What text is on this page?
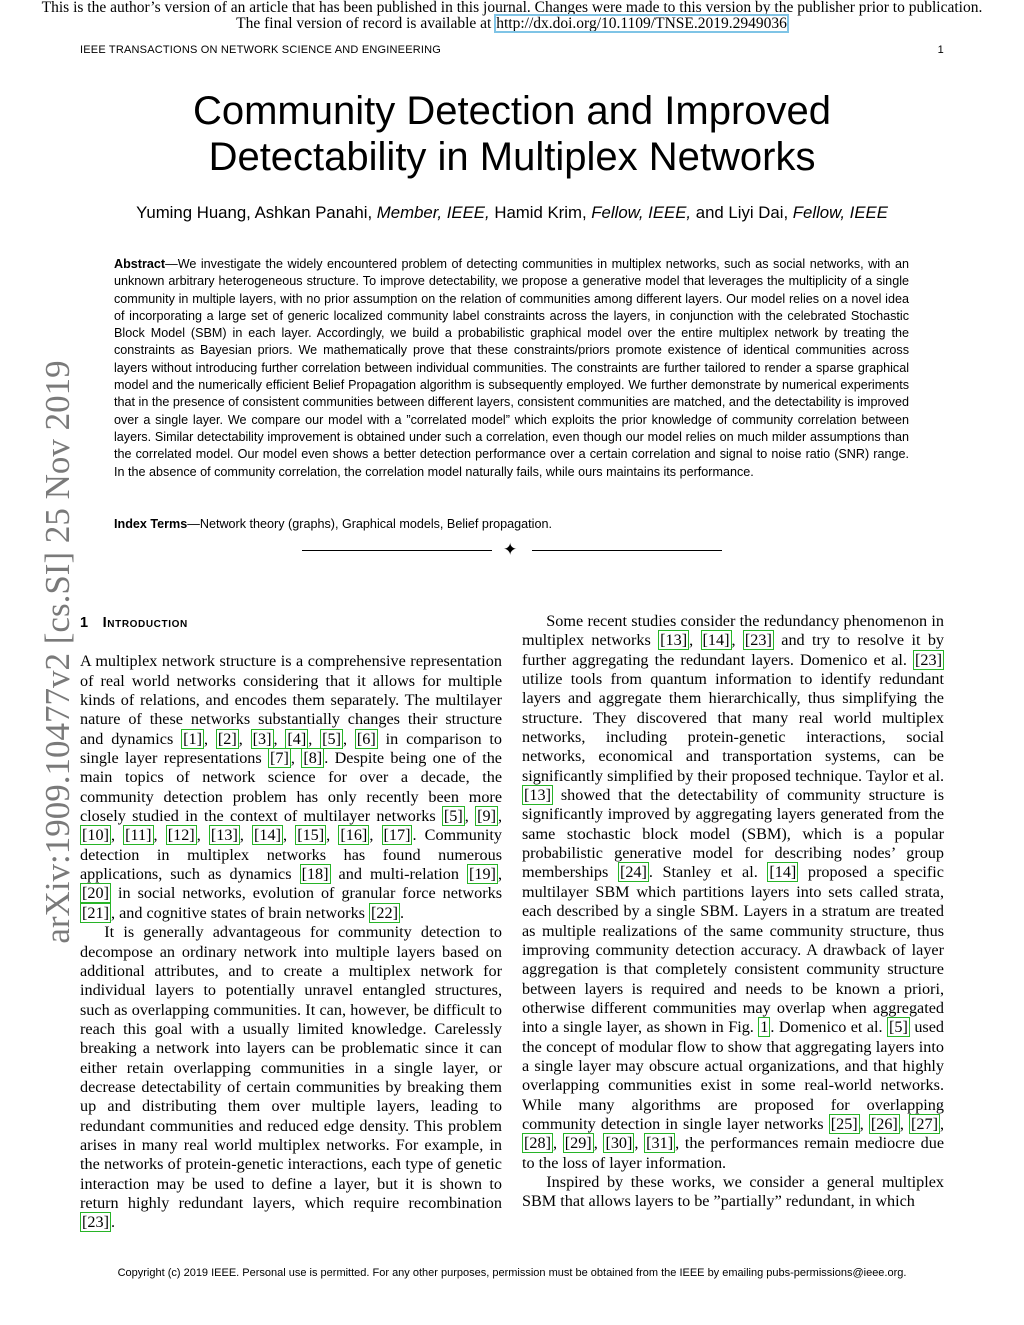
This is the author’s version of an article that has been published in this journal. Changes were made to this version by the publisher prior to publication.
The final version of record is available at http://dx.doi.org/10.1109/TNSE.2019.2949036
IEEE TRANSACTIONS ON NETWORK SCIENCE AND ENGINEERING	1
arXiv:1909.10477v2 [cs.SI] 25 Nov 2019
Community Detection and Improved
Detectability in Multiplex Networks
Yuming Huang, Ashkan Panahi, Member, IEEE, Hamid Krim, Fellow, IEEE, and Liyi Dai, Fellow, IEEE

Abstract—We investigate the widely encountered problem of detecting communities in multiplex networks, such as social networks, with an unknown arbitrary heterogeneous structure. To improve detectability, we propose a generative model that leverages the multiplicity of a single community in multiple layers, with no prior assumption on the relation of communities among different layers. Our model relies on a novel idea of incorporating a large set of generic localized community label constraints across the layers, in conjunction with the celebrated Stochastic Block Model (SBM) in each layer. Accordingly, we build a probabilistic graphical model over the entire multiplex network by treating the constraints as Bayesian priors. We mathematically prove that these constraints/priors promote existence of identical communities across layers without introducing further correlation between individual communities. The constraints are further tailored to render a sparse graphical model and the numerically efficient Belief Propagation algorithm is subsequently employed. We further demonstrate by numerical experiments that in the presence of consistent communities between different layers, consistent communities are matched, and the detectability is improved over a single layer. We compare our model with a ”correlated model” which exploits the prior knowledge of community correlation between layers. Similar detectability improvement is obtained under such a correlation, even though our model relies on much milder assumptions than the correlated model. Our model even shows a better detection performance over a certain correlation and signal to noise ratio (SNR) range. In the absence of community correlation, the correlation model naturally fails, while ours maintains its performance.

Index Terms—Network theory (graphs), Graphical models, Belief propagation.

✦
1 Introduction

A multiplex network structure is a comprehensive representation of real world networks considering that it allows for multiple kinds of relations, and encodes them separately. The multilayer nature of these networks substantially changes their structure and dynamics [1] , [2] , [3] , [4] , [5] , [6] in comparison to single layer representations [7] , [8] . Despite being one of the main topics of network science for over a decade, the community detection problem has only recently been more closely studied in the context of multilayer networks [5] , [9] , [10] , [11] , [12] , [13] , [14] , [15] , [16] , [17] . Community detection in multiplex networks has found numerous applications, such as dynamics [18] and multi-relation [19] , [20] in social networks, evolution of granular force networks [21] , and cognitive states of brain networks [22] .

It is generally advantageous for community detection to decompose an ordinary network into multiple layers based on additional attributes, and to create a multiplex network for individual layers to potentially unravel entangled structures, such as overlapping communities. It can, however, be difficult to reach this goal with a usually limited knowledge. Carelessly breaking a network into layers can be problematic since it can either retain overlapping communities in a single layer, or decrease detectability of certain communities by breaking them up and distributing them over multiple layers, leading to redundant communities and reduced edge density. This problem arises in many real world multiplex networks. For example, in the networks of protein-genetic interactions, each type of genetic interaction may be used to define a layer, but it is shown to return highly redundant layers, which require recombination [23] .

Some recent studies consider the redundancy phenomenon in multiplex networks [13] , [14] , [23] and try to resolve it by further aggregating the redundant layers. Domenico et al. [23] utilize tools from quantum information to identify redundant layers and aggregate them hierarchically, thus simplifying the structure. They discovered that many real world multiplex networks, including protein-genetic interactions, social networks, economical and transportation systems, can be significantly simplified by their proposed technique. Taylor et al. [13] showed that the detectability of community structure is significantly improved by aggregating layers generated from the same stochastic block model (SBM), which is a popular probabilistic generative model for describing nodes’ group memberships [24] . Stanley et al. [14] proposed a specific multilayer SBM which partitions layers into sets called strata, each described by a single SBM. Layers in a stratum are treated as multiple realizations of the same community structure, thus improving community detection accuracy. A drawback of layer aggregation is that completely consistent community structure between layers is required and needs to be known a priori, otherwise different communities may overlap when aggregated into a single layer, as shown in Fig. 1 . Domenico et al. [5] used the concept of modular flow to show that aggregating layers into a single layer may obscure actual organizations, and that highly overlapping communities exist in some real-world networks. While many algorithms are proposed for overlapping community detection in single layer networks [25] , [26] , [27] , [28] , [29] , [30] , [31] , the performances remain mediocre due to the loss of layer information.

Inspired by these works, we consider a general multiplex SBM that allows layers to be ”partially” redundant, in which

Copyright (c) 2019 IEEE. Personal use is permitted. For any other purposes, permission must be obtained from the IEEE by emailing pubs-permissions@ieee.org.
